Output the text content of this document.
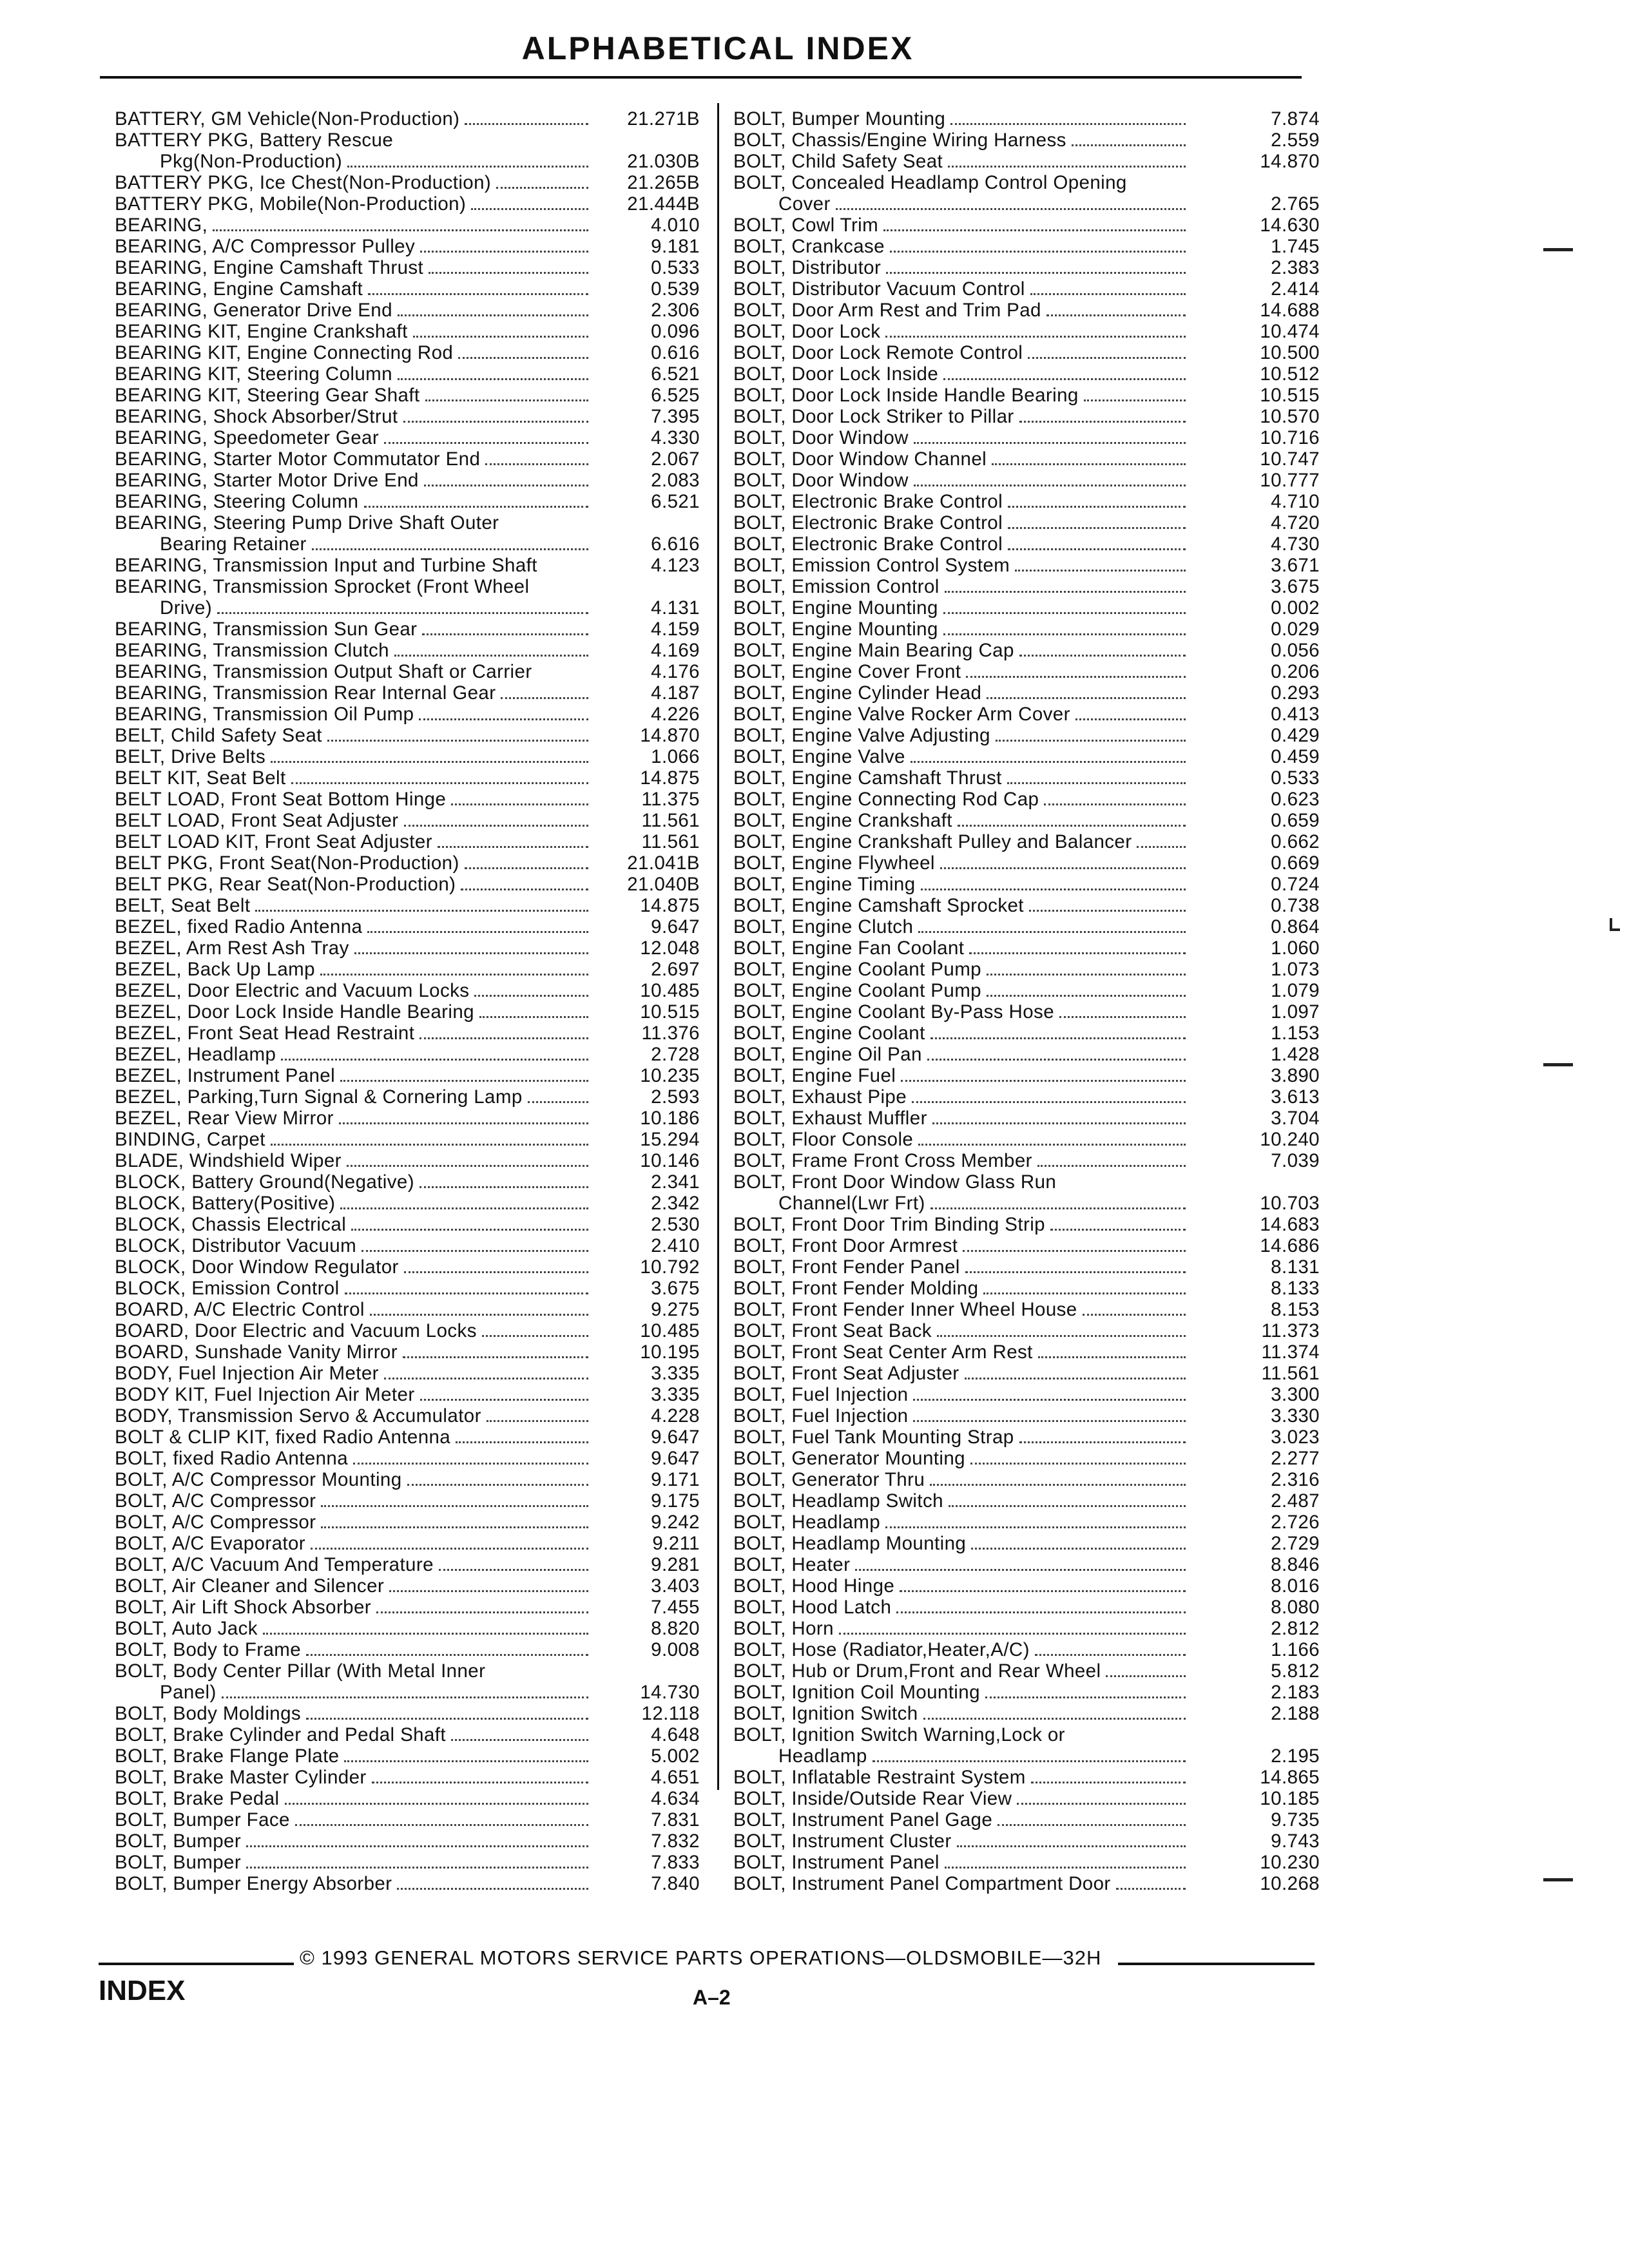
ALPHABETICAL INDEX
BATTERY, GM Vehicle(Non-Production)	21.271B
BATTERY PKG, Battery Rescue
Pkg(Non-Production)	21.030B
BATTERY PKG, Ice Chest(Non-Production)	21.265B
BATTERY PKG, Mobile(Non-Production)	21.444B
BEARING,	4.010
BEARING, A/C Compressor Pulley	9.181
BEARING, Engine Camshaft Thrust	0.533
BEARING, Engine Camshaft	0.539
BEARING, Generator Drive End	2.306
BEARING KIT, Engine Crankshaft	0.096
BEARING KIT, Engine Connecting Rod	0.616
BEARING KIT, Steering Column	6.521
BEARING KIT, Steering Gear Shaft	6.525
BEARING, Shock Absorber/Strut	7.395
BEARING, Speedometer Gear	4.330
BEARING, Starter Motor Commutator End	2.067
BEARING, Starter Motor Drive End	2.083
BEARING, Steering Column	6.521
BEARING, Steering Pump Drive Shaft Outer
Bearing Retainer	6.616
BEARING, Transmission Input and Turbine Shaft	4.123
BEARING, Transmission Sprocket (Front Wheel
Drive)	4.131
BEARING, Transmission Sun Gear	4.159
BEARING, Transmission Clutch	4.169
BEARING, Transmission Output Shaft or Carrier	4.176
BEARING, Transmission Rear Internal Gear	4.187
BEARING, Transmission Oil Pump	4.226
BELT, Child Safety Seat	14.870
BELT, Drive Belts	1.066
BELT KIT, Seat Belt	14.875
BELT LOAD, Front Seat Bottom Hinge	11.375
BELT LOAD, Front Seat Adjuster	11.561
BELT LOAD KIT, Front Seat Adjuster	11.561
BELT PKG, Front Seat(Non-Production)	21.041B
BELT PKG, Rear Seat(Non-Production)	21.040B
BELT, Seat Belt	14.875
BEZEL, fixed Radio Antenna	9.647
BEZEL, Arm Rest Ash Tray	12.048
BEZEL, Back Up Lamp	2.697
BEZEL, Door Electric and Vacuum Locks	10.485
BEZEL, Door Lock Inside Handle Bearing	10.515
BEZEL, Front Seat Head Restraint	11.376
BEZEL, Headlamp	2.728
BEZEL, Instrument Panel	10.235
BEZEL, Parking,Turn Signal & Cornering Lamp	2.593
BEZEL, Rear View Mirror	10.186
BINDING, Carpet	15.294
BLADE, Windshield Wiper	10.146
BLOCK, Battery Ground(Negative)	2.341
BLOCK, Battery(Positive)	2.342
BLOCK, Chassis Electrical	2.530
BLOCK, Distributor Vacuum	2.410
BLOCK, Door Window Regulator	10.792
BLOCK, Emission Control	3.675
BOARD, A/C Electric Control	9.275
BOARD, Door Electric and Vacuum Locks	10.485
BOARD, Sunshade Vanity Mirror	10.195
BODY, Fuel Injection Air Meter	3.335
BODY KIT, Fuel Injection Air Meter	3.335
BODY, Transmission Servo & Accumulator	4.228
BOLT & CLIP KIT, fixed Radio Antenna	9.647
BOLT, fixed Radio Antenna	9.647
BOLT, A/C Compressor Mounting	9.171
BOLT, A/C Compressor	9.175
BOLT, A/C Compressor	9.242
BOLT, A/C Evaporator	9.211
BOLT, A/C Vacuum And Temperature	9.281
BOLT, Air Cleaner and Silencer	3.403
BOLT, Air Lift Shock Absorber	7.455
BOLT, Auto Jack	8.820
BOLT, Body to Frame	9.008
BOLT, Body Center Pillar (With Metal Inner
Panel)	14.730
BOLT, Body Moldings	12.118
BOLT, Brake Cylinder and Pedal Shaft	4.648
BOLT, Brake Flange Plate	5.002
BOLT, Brake Master Cylinder	4.651
BOLT, Brake Pedal	4.634
BOLT, Bumper Face	7.831
BOLT, Bumper	7.832
BOLT, Bumper	7.833
BOLT, Bumper Energy Absorber	7.840
BOLT, Bumper Mounting	7.874
BOLT, Chassis/Engine Wiring Harness	2.559
BOLT, Child Safety Seat	14.870
BOLT, Concealed Headlamp Control Opening
Cover	2.765
BOLT, Cowl Trim	14.630
BOLT, Crankcase	1.745
BOLT, Distributor	2.383
BOLT, Distributor Vacuum Control	2.414
BOLT, Door Arm Rest and Trim Pad	14.688
BOLT, Door Lock	10.474
BOLT, Door Lock Remote Control	10.500
BOLT, Door Lock Inside	10.512
BOLT, Door Lock Inside Handle Bearing	10.515
BOLT, Door Lock Striker to Pillar	10.570
BOLT, Door Window	10.716
BOLT, Door Window Channel	10.747
BOLT, Door Window	10.777
BOLT, Electronic Brake Control	4.710
BOLT, Electronic Brake Control	4.720
BOLT, Electronic Brake Control	4.730
BOLT, Emission Control System	3.671
BOLT, Emission Control	3.675
BOLT, Engine Mounting	0.002
BOLT, Engine Mounting	0.029
BOLT, Engine Main Bearing Cap	0.056
BOLT, Engine Cover Front	0.206
BOLT, Engine Cylinder Head	0.293
BOLT, Engine Valve Rocker Arm Cover	0.413
BOLT, Engine Valve Adjusting	0.429
BOLT, Engine Valve	0.459
BOLT, Engine Camshaft Thrust	0.533
BOLT, Engine Connecting Rod Cap	0.623
BOLT, Engine Crankshaft	0.659
BOLT, Engine Crankshaft Pulley and Balancer	0.662
BOLT, Engine Flywheel	0.669
BOLT, Engine Timing	0.724
BOLT, Engine Camshaft Sprocket	0.738
BOLT, Engine Clutch	0.864
BOLT, Engine Fan Coolant	1.060
BOLT, Engine Coolant Pump	1.073
BOLT, Engine Coolant Pump	1.079
BOLT, Engine Coolant By-Pass Hose	1.097
BOLT, Engine Coolant	1.153
BOLT, Engine Oil Pan	1.428
BOLT, Engine Fuel	3.890
BOLT, Exhaust Pipe	3.613
BOLT, Exhaust Muffler	3.704
BOLT, Floor Console	10.240
BOLT, Frame Front Cross Member	7.039
BOLT, Front Door Window Glass Run
Channel(Lwr Frt)	10.703
BOLT, Front Door Trim Binding Strip	14.683
BOLT, Front Door Armrest	14.686
BOLT, Front Fender Panel	8.131
BOLT, Front Fender Molding	8.133
BOLT, Front Fender Inner Wheel House	8.153
BOLT, Front Seat Back	11.373
BOLT, Front Seat Center Arm Rest	11.374
BOLT, Front Seat Adjuster	11.561
BOLT, Fuel Injection	3.300
BOLT, Fuel Injection	3.330
BOLT, Fuel Tank Mounting Strap	3.023
BOLT, Generator Mounting	2.277
BOLT, Generator Thru	2.316
BOLT, Headlamp Switch	2.487
BOLT, Headlamp	2.726
BOLT, Headlamp Mounting	2.729
BOLT, Heater	8.846
BOLT, Hood Hinge	8.016
BOLT, Hood Latch	8.080
BOLT, Horn	2.812
BOLT, Hose (Radiator,Heater,A/C)	1.166
BOLT, Hub or Drum,Front and Rear Wheel	5.812
BOLT, Ignition Coil Mounting	2.183
BOLT, Ignition Switch	2.188
BOLT, Ignition Switch Warning,Lock or
Headlamp	2.195
BOLT, Inflatable Restraint System	14.865
BOLT, Inside/Outside Rear View	10.185
BOLT, Instrument Panel Gage	9.735
BOLT, Instrument Cluster	9.743
BOLT, Instrument Panel	10.230
BOLT, Instrument Panel Compartment Door	10.268
© 1993 GENERAL MOTORS SERVICE PARTS OPERATIONS—OLDSMOBILE—32H
INDEX	A–2
